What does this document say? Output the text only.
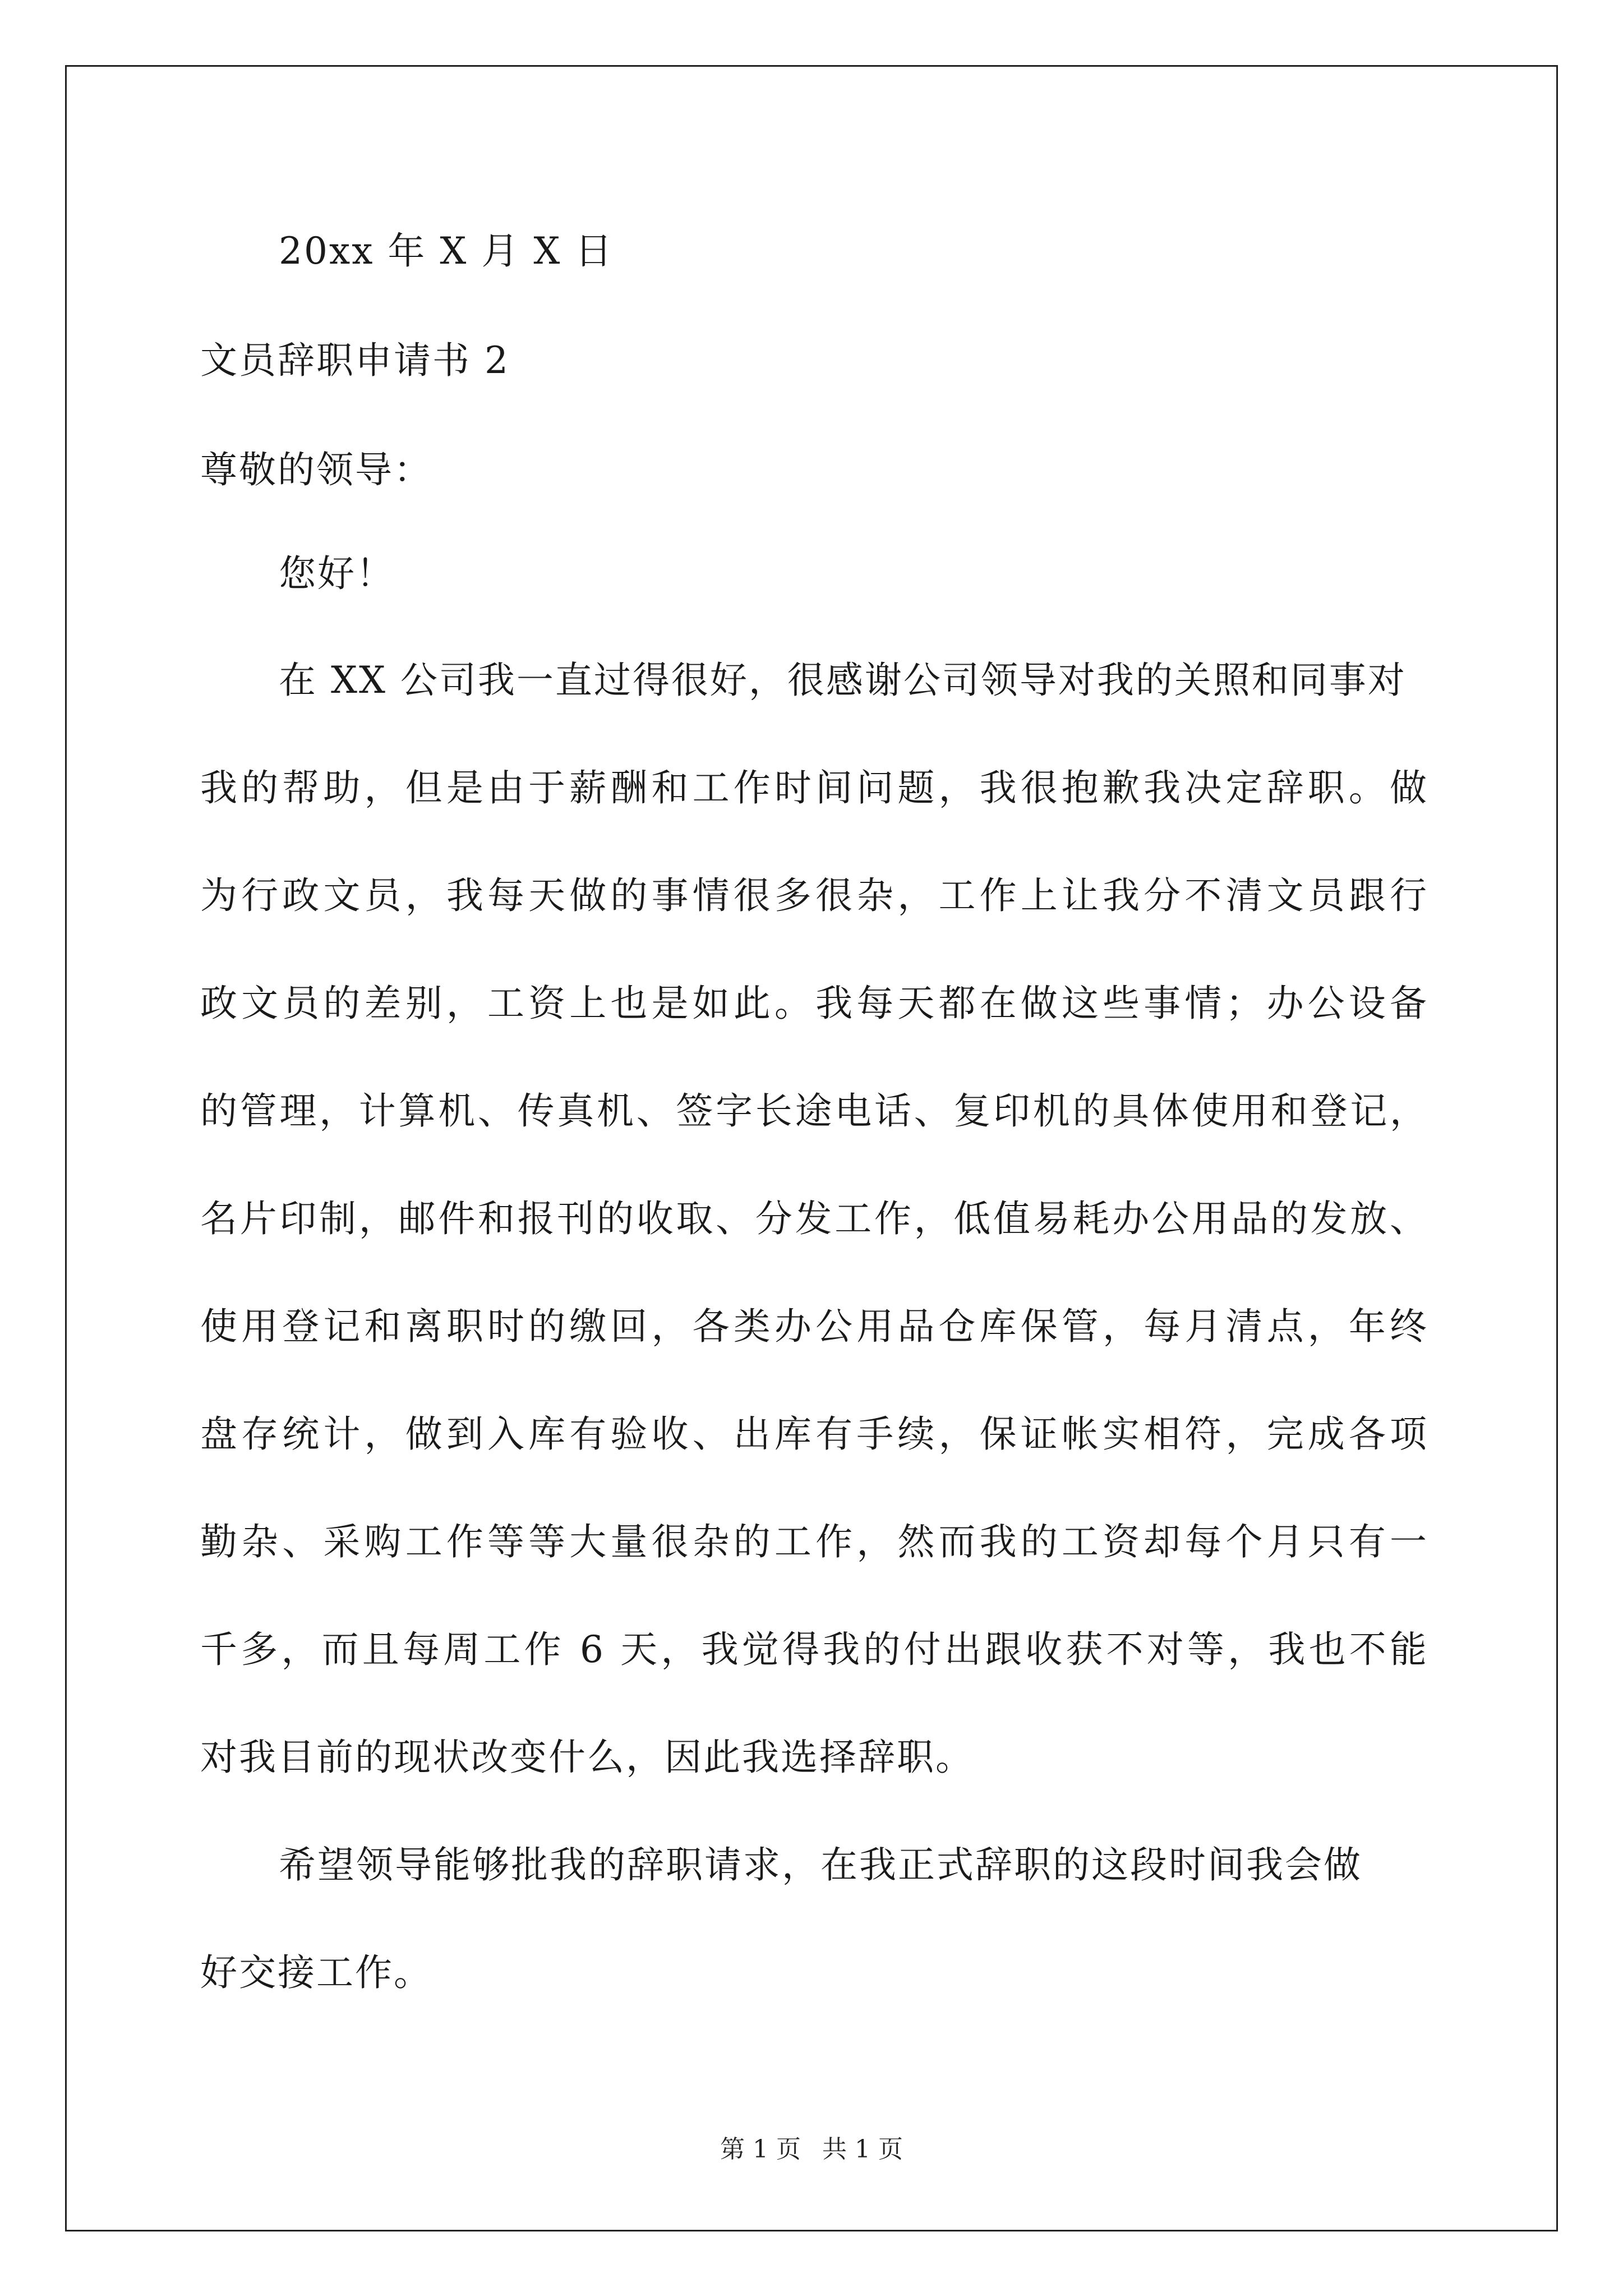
20xx 年 X 月 X 日
文员辞职申请书 2
尊敬的领导：
您好！
在 XX 公司我一直过得很好，很感谢公司领导对我的关照和同事对
我的帮助，但是由于薪酬和工作时间问题，我很抱歉我决定辞职。做
为行政文员，我每天做的事情很多很杂，工作上让我分不清文员跟行
政文员的差别，工资上也是如此。我每天都在做这些事情；办公设备
的管理，计算机、传真机、签字长途电话、复印机的具体使用和登记，
名片印制，邮件和报刊的收取、分发工作，低值易耗办公用品的发放、
使用登记和离职时的缴回，各类办公用品仓库保管，每月清点，年终
盘存统计，做到入库有验收、出库有手续，保证帐实相符，完成各项
勤杂、采购工作等等大量很杂的工作，然而我的工资却每个月只有一
千多，而且每周工作 6 天，我觉得我的付出跟收获不对等，我也不能
对我目前的现状改变什么，因此我选择辞职。
希望领导能够批我的辞职请求，在我正式辞职的这段时间我会做
好交接工作。
第 1 页 共 1 页
